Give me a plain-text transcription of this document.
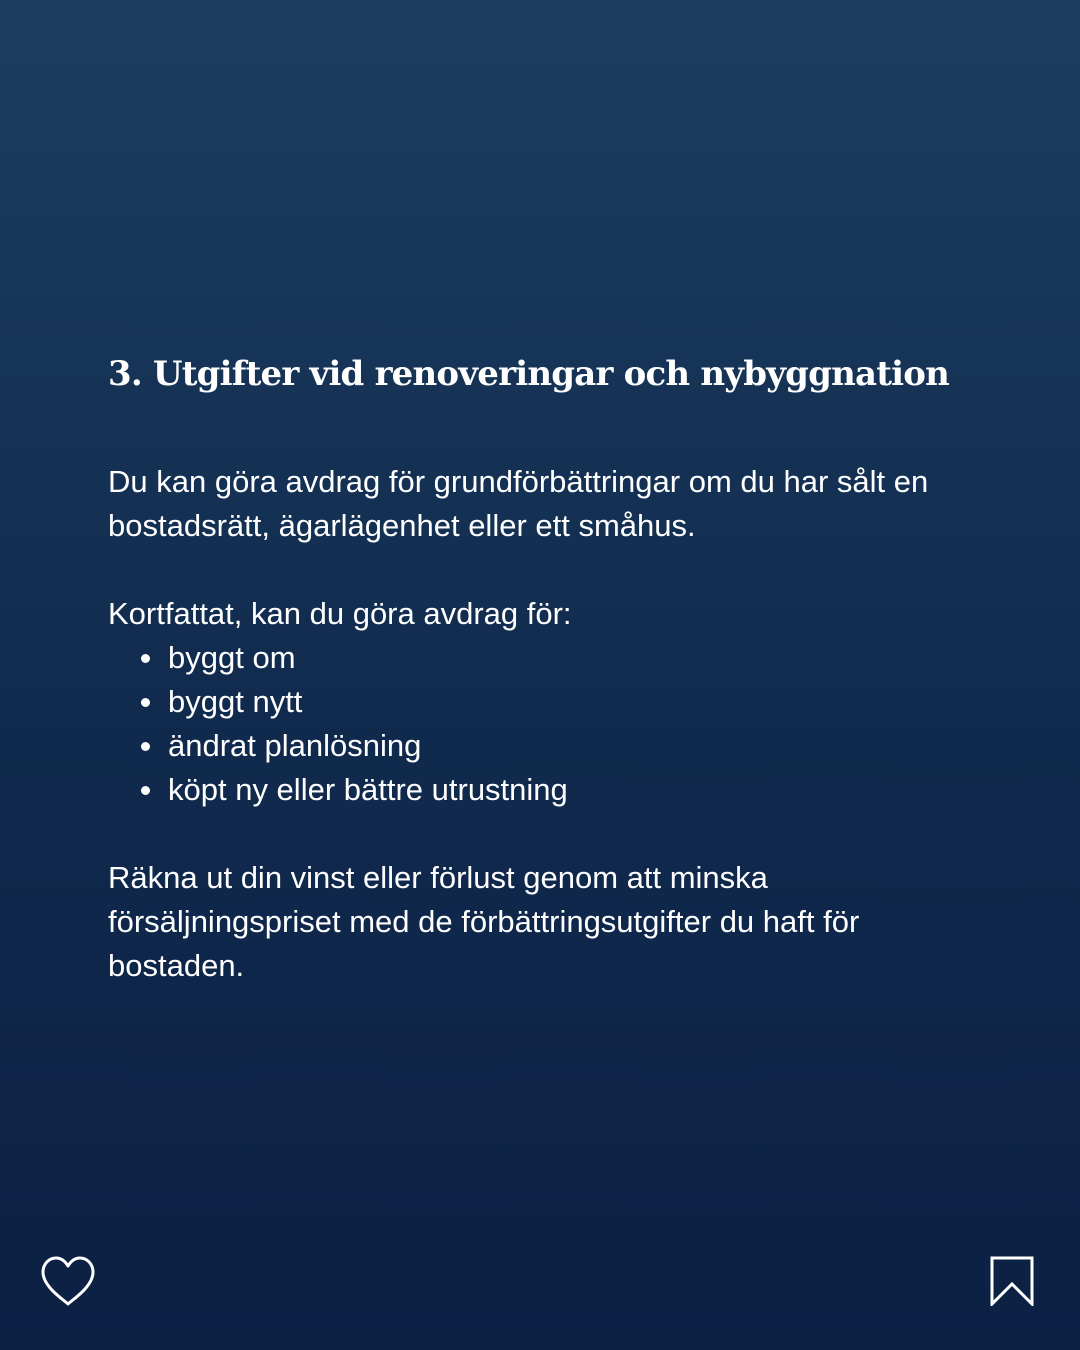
3. Utgifter vid renoveringar och nybyggnation

Du kan göra avdrag för grundförbättringar om du har sålt en bostadsrätt, ägarlägenhet eller ett småhus.

Kortfattat, kan du göra avdrag för:

byggt om
byggt nytt
ändrat planlösning
köpt ny eller bättre utrustning

Räkna ut din vinst eller förlust genom att minska försäljningspriset med de förbättringsutgifter du haft för bostaden.
